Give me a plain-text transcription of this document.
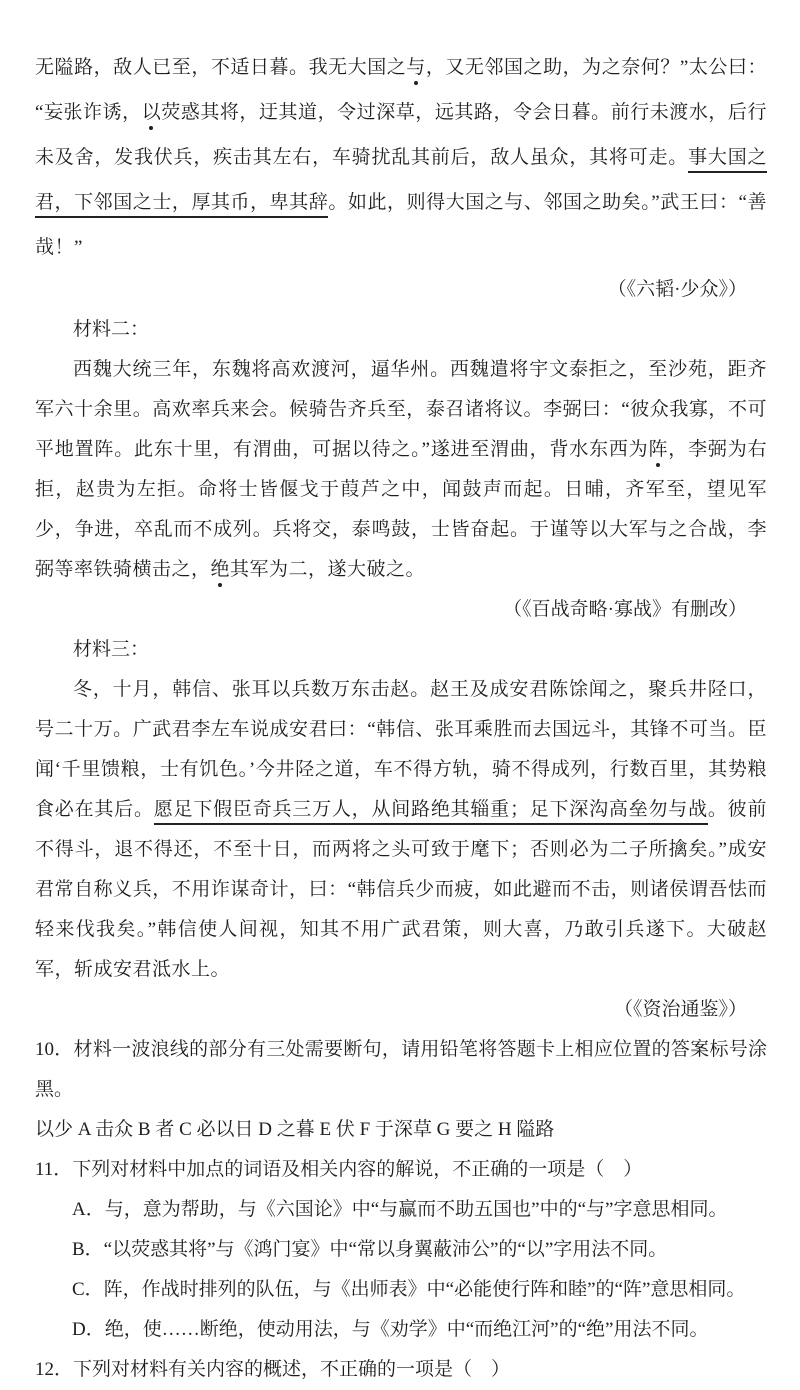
无隘路，敌人已至，不适日暮。我无大国之与，又无邻国之助，为之奈何？”太公曰：“妄张诈诱，以荧惑其将，迂其道，令过深草，远其路，令会日暮。前行未渡水，后行未及舍，发我伏兵，疾击其左右，车骑扰乱其前后，敌人虽众，其将可走。事大国之君，下邻国之士，厚其币，卑其辞。如此，则得大国之与、邻国之助矣。”武王曰：“善哉！”

（《六韬·少众》）

材料二：

西魏大统三年，东魏将高欢渡河，逼华州。西魏遣将宇文泰拒之，至沙苑，距齐军六十余里。高欢率兵来会。候骑告齐兵至，泰召诸将议。李弼曰：“彼众我寡，不可平地置阵。此东十里，有渭曲，可据以待之。”遂进至渭曲，背水东西为阵，李弼为右拒，赵贵为左拒。命将士皆偃戈于葭芦之中，闻鼓声而起。日晡，齐军至，望见军少，争进，卒乱而不成列。兵将交，泰鸣鼓，士皆奋起。于谨等以大军与之合战，李弼等率铁骑横击之，绝其军为二，遂大破之。

（《百战奇略·寡战》有删改）

材料三：

冬，十月，韩信、张耳以兵数万东击赵。赵王及成安君陈馀闻之，聚兵井陉口，号二十万。广武君李左车说成安君曰：“韩信、张耳乘胜而去国远斗，其锋不可当。臣闻‘千里馈粮，士有饥色。’今井陉之道，车不得方轨，骑不得成列，行数百里，其势粮食必在其后。愿足下假臣奇兵三万人，从间路绝其辎重；足下深沟高垒勿与战。彼前不得斗，退不得还，不至十日，而两将之头可致于麾下；否则必为二子所擒矣。”成安君常自称义兵，不用诈谋奇计，曰：“韩信兵少而疲，如此避而不击，则诸侯谓吾怯而轻来伐我矣。”韩信使人间视，知其不用广武君策，则大喜，乃敢引兵遂下。大破赵军，斩成安君泜水上。

（《资治通鉴》）

10．材料一波浪线的部分有三处需要断句，请用铅笔将答题卡上相应位置的答案标号涂黑。

以少 A 击众 B 者 C 必以日 D 之暮 E 伏 F 于深草 G 要之 H 隘路

11．下列对材料中加点的词语及相关内容的解说，不正确的一项是（　）

A．与，意为帮助，与《六国论》中“与赢而不助五国也”中的“与”字意思相同。

B．“以荧惑其将”与《鸿门宴》中“常以身翼蔽沛公”的“以”字用法不同。

C．阵，作战时排列的队伍，与《出师表》中“必能使行阵和睦”的“阵”意思相同。

D．绝，使……断绝，使动用法，与《劝学》中“而绝江河”的“绝”用法不同。

12．下列对材料有关内容的概述，不正确的一项是（　）
